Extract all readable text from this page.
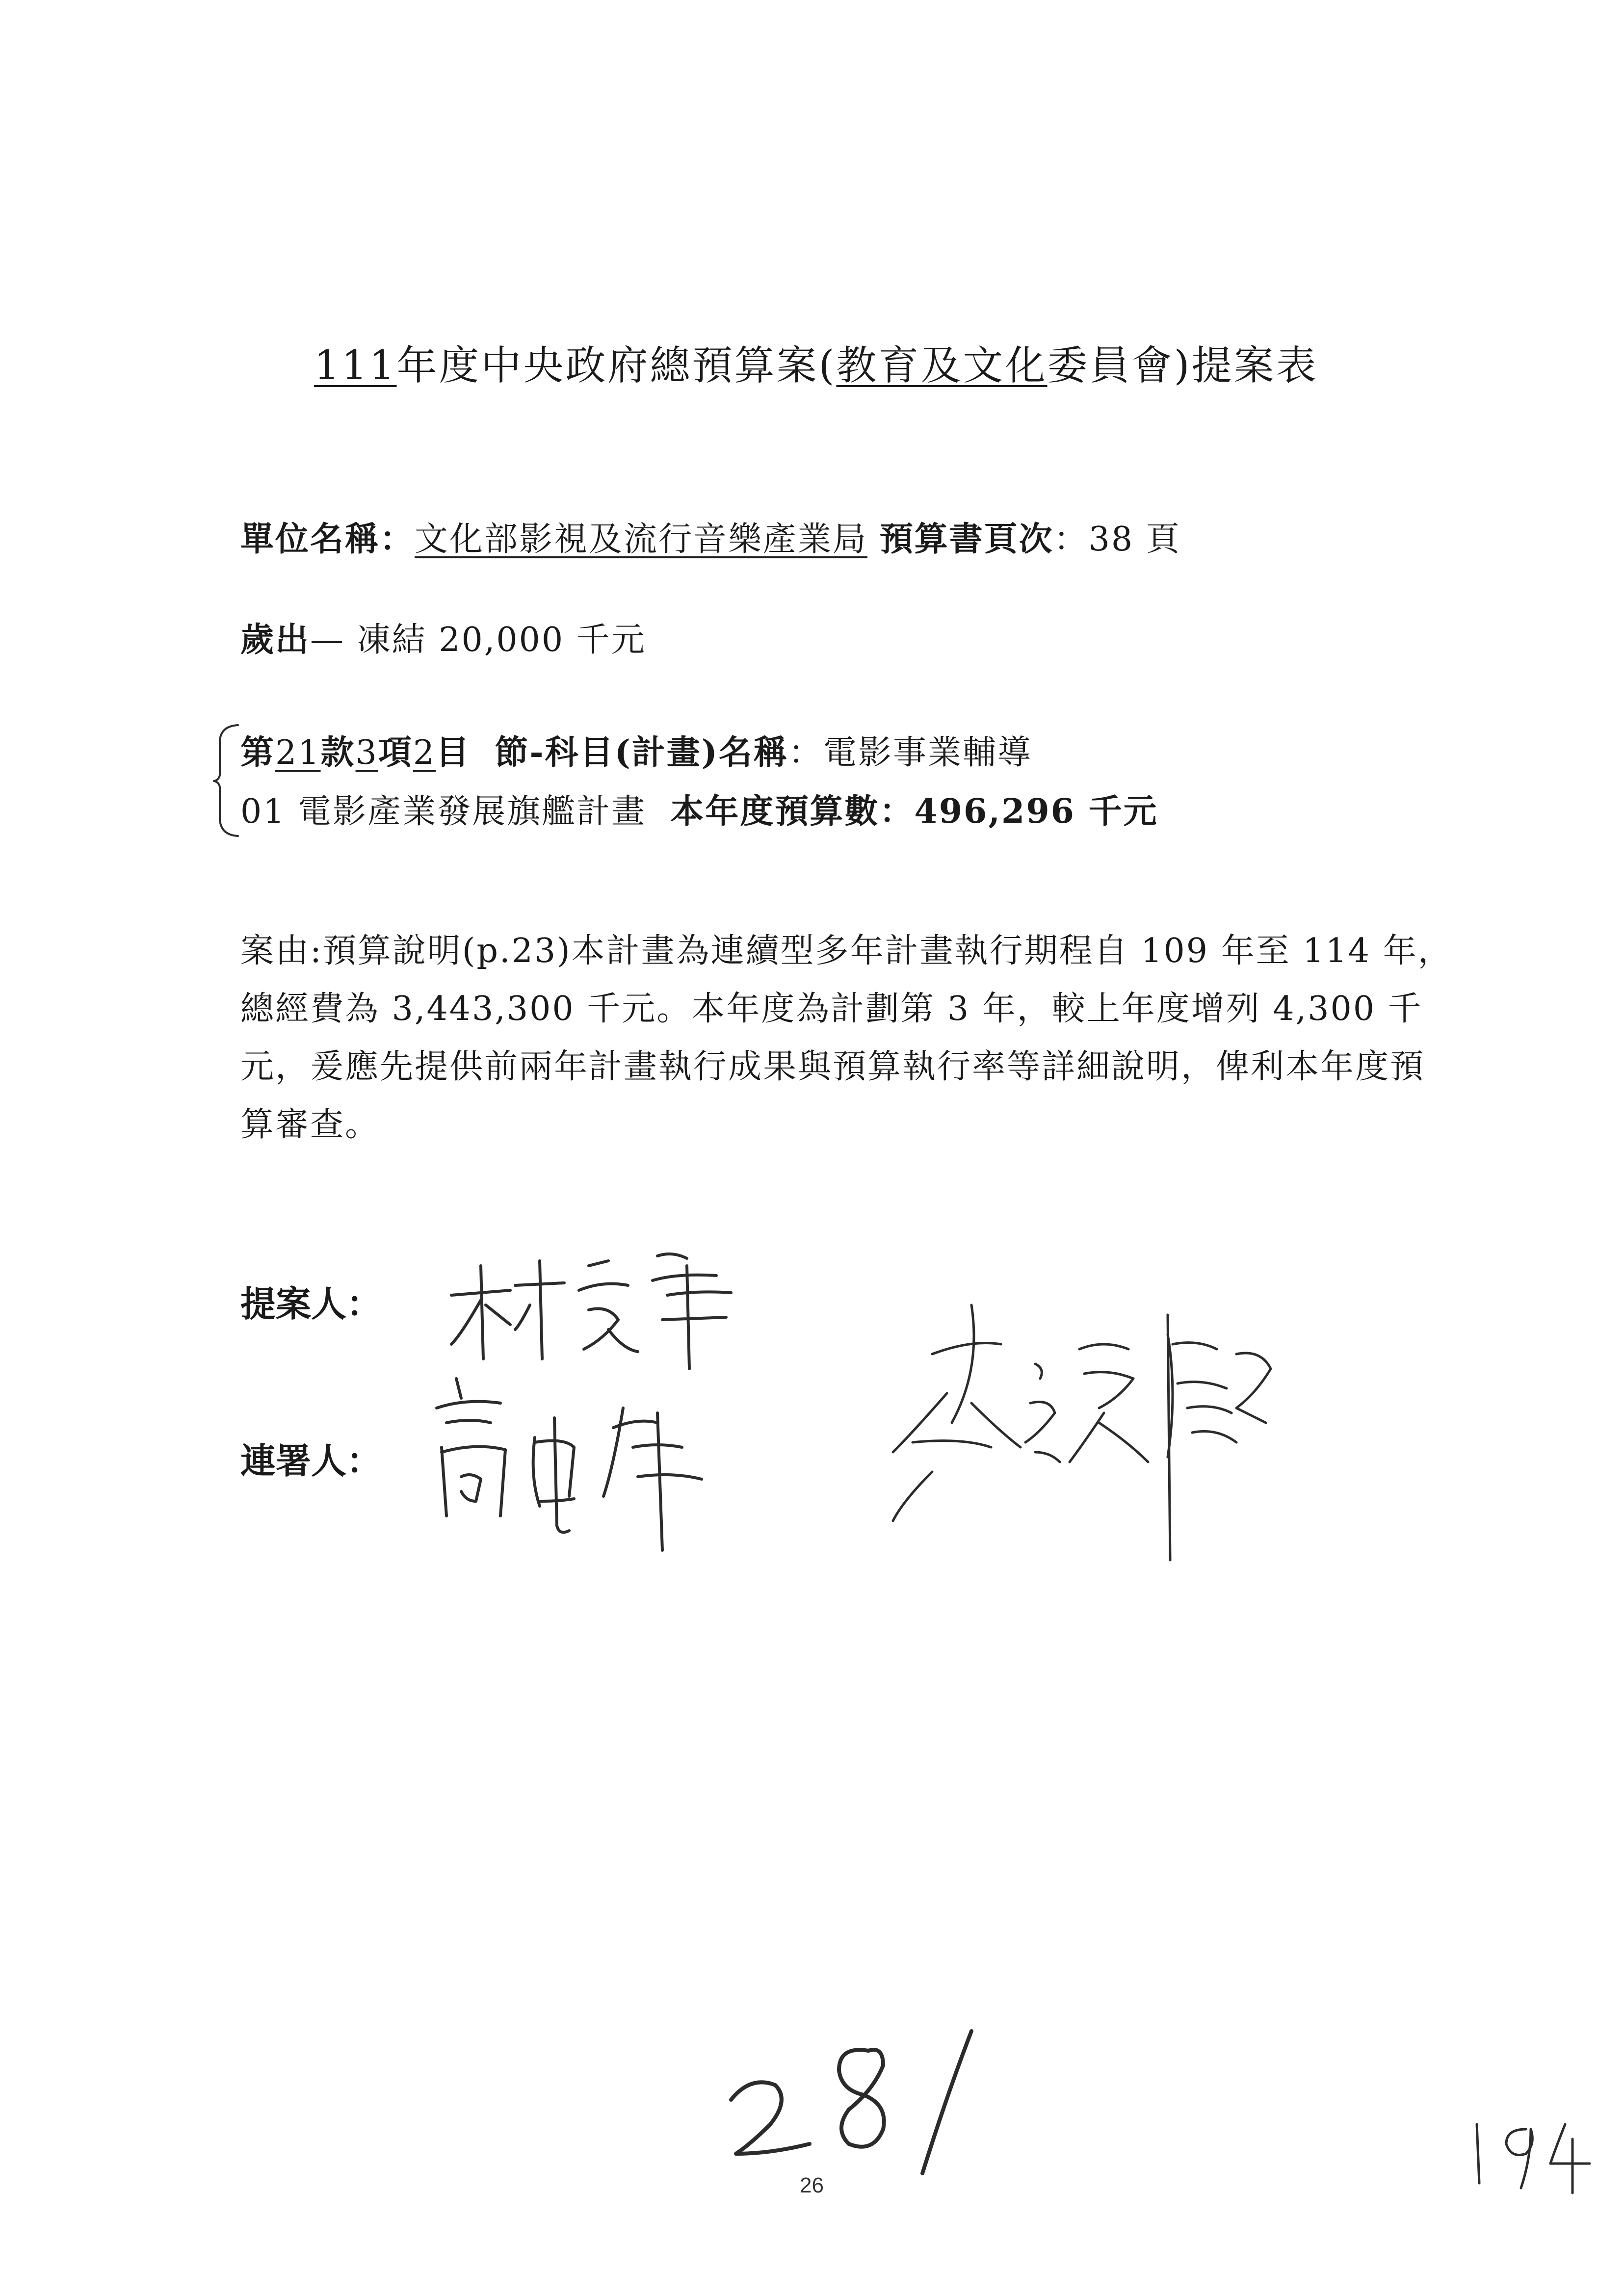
111年度中央政府總預算案(教育及文化委員會)提案表
單位名稱：文化部影視及流行音樂產業局 預算書頁次：38 頁
歲出— 凍結 20,000 千元
第21款3項2目 節-科目(計畫)名稱：電影事業輔導
01 電影產業發展旗艦計畫 本年度預算數：496,296 千元
案由:預算說明(p.23)本計畫為連續型多年計畫執行期程自 109 年至 114 年，總經費為 3,443,300 千元。本年度為計劃第 3 年，較上年度增列 4,300 千元，爰應先提供前兩年計畫執行成果與預算執行率等詳細說明，俾利本年度預算審查。
提案人：
連署人：
26
